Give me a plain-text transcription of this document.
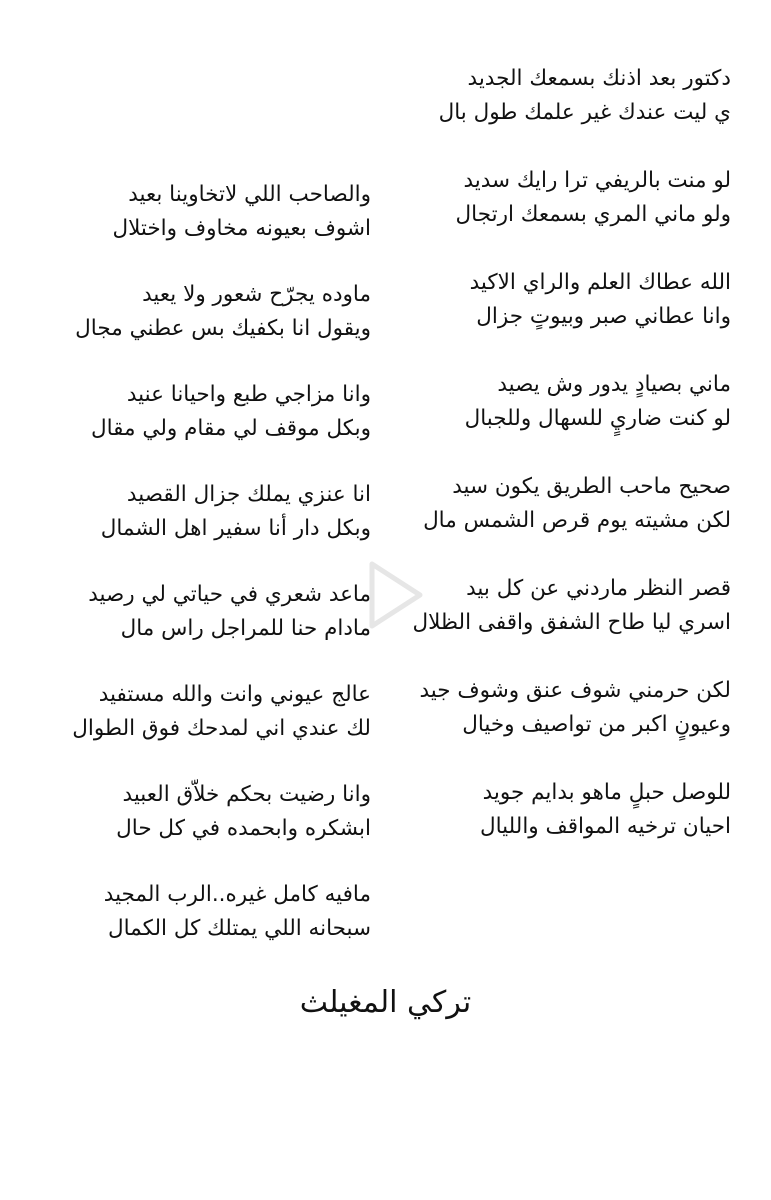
دكتور بعد اذنك بسمعك الجديد
ي ليت عندك غير علمك طول بال
لو منت بالريفي ترا رايك سديد
ولو ماني المري بسمعك ارتجال
الله عطاك العلم والراي الاكيد
وانا عطاني صبر وبيوتٍ جزال
ماني بصيادٍ يدور وش يصيد
لو كنت ضاريٍ للسهال وللجبال
صحيح ماحب الطريق يكون سيد
لكن مشيته يوم قرص الشمس مال
قصر النظر ماردني عن كل بيد
اسري ليا طاح الشفق واقفى الظلال
لكن حرمني شوف عنق وشوف جيد
وعيونٍ اكبر من تواصيف وخيال
للوصل حبلٍ ماهو بدايم جويد
احيان ترخيه المواقف والليال
والصاحب اللي لاتخاوينا بعيد
اشوف بعيونه مخاوف واختلال
ماوده يجرّح شعور ولا يعيد
ويقول انا بكفيك بس عطني مجال
وانا مزاجي طبع واحيانا عنيد
وبكل موقف لي مقام ولي مقال
انا عنزي يملك جزال القصيد
وبكل دار أنا سفير اهل الشمال
ماعد شعري في حياتي لي رصيد
مادام حنا للمراجل راس مال
عالج عيوني وانت والله مستفيد
لك عندي اني لمدحك فوق الطوال
وانا رضيت بحكم خلاّق العبيد
ابشكره وابحمده في كل حال
مافيه كامل غيره..الرب المجيد
سبحانه اللي يمتلك كل الكمال
تركي المغيلث
